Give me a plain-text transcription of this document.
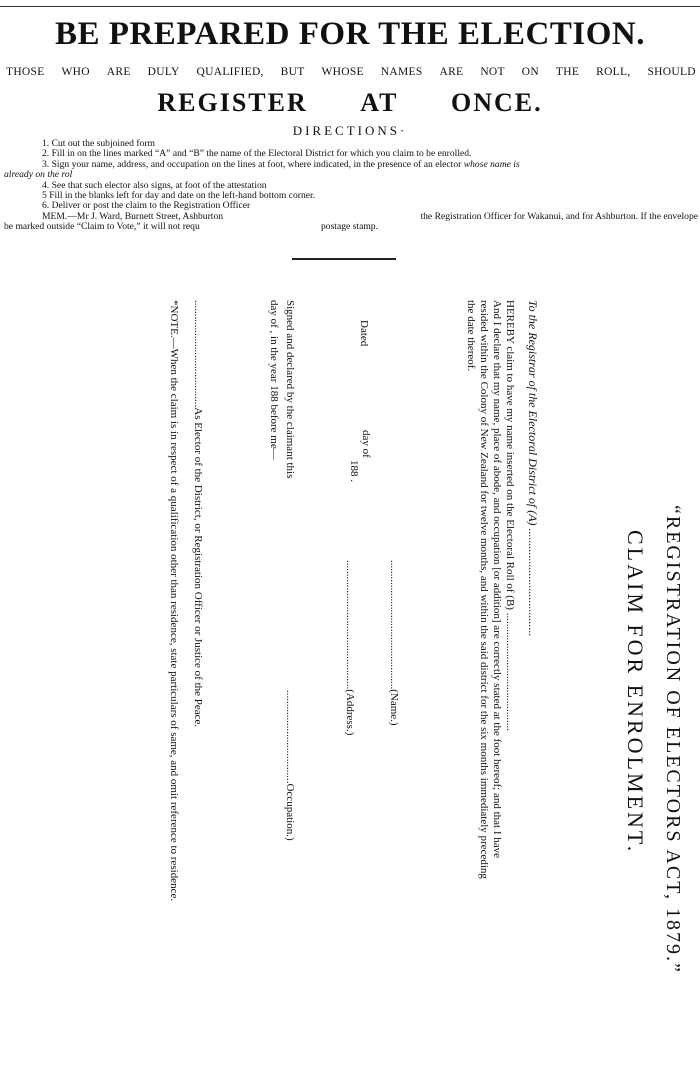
BE PREPARED FOR THE ELECTION.
THOSE WHO ARE DULY QUALIFIED, BUT WHOSE NAMES ARE NOT ON THE ROLL, SHOULD
REGISTER AT ONCE.
DIRECTIONS·
1. Cut out the subjoined form
2. Fill in on the lines marked “A” and “B” the name of the Electoral District for which you claim to be enrolled.
3. Sign your name, address, and occupation on the lines at foot, where indicated, in the presence of an elector whose name is
already on the rol
4. See that such elector also signs, at foot of the attestation
5 Fill in the blanks left for day and date on the left-hand bottom corner.
6. Deliver or post the claim to the Registration Officer
MEM.—Mr J. Ward, Burnett Street, Ashburton	the Registration Officer for Wakanui, and for Ashburton. If the envelope
be marked outside “Claim to Vote,” it will not requ	postage stamp.
“REGISTRATION OF ELECTORS ACT, 1879.”
CLAIM FOR ENROLMENT.
To the Registrar of the Electoral District of (A) ....................................
HEREBY claim to have my name inserted on the Electoral Roll of (B) ...........................................
And I declare that my name, place of abode, and occupation [or addition] are correctly stated at the foot hereof; and that I have
resided within the Colony of New Zealand for twelve months, and within the said district for the six months immediately preceding
the date thereof.
Dated
day of
188 .
...............................................(Name.)
...............................................(Address.)
Signed and declared by the claimant this
day of , in the year 188 before me—
..................................Occupation.)
.......................................As Elector of the District, or Registration Officer or Justice of the Peace.
*NOTE.—When the claim is in respect of a qualification other than residence, state particulars of same, and omit reference to residence.
